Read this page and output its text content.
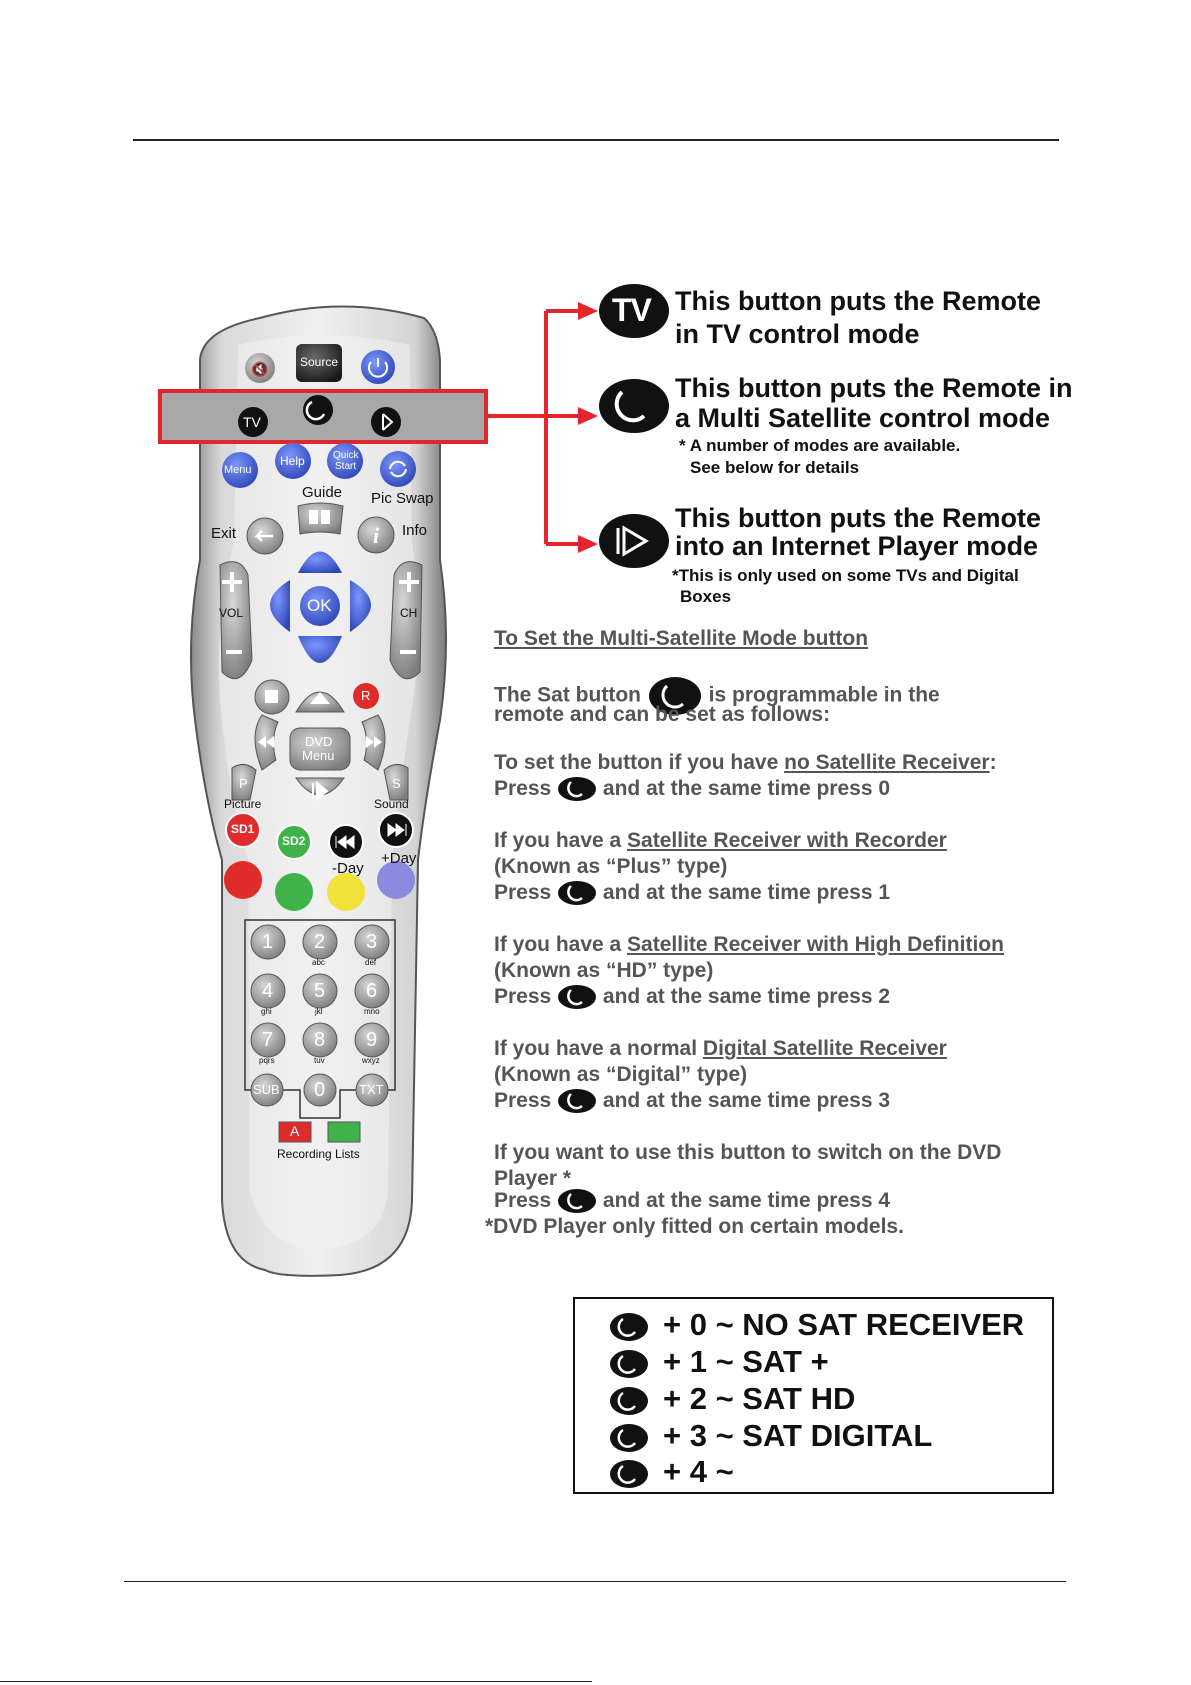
🔇
i
Source
TV
Menu
Help	Quick
Start
Guide Pic Swap
Exit	Info
OK
VOL	CH
R
DVD
Menu
P
Picture
S
Sound
SD1
SD2
-Day
+Day
1 2 3
4 5 6
7 8 9
abc	def
ghi	jkl	mno
pqrs	tuv	wxyz
SUB 0	TXT
A
Recording Lists
TV This button puts the Remote
in TV control mode
This button puts the Remote in
a Multi Satellite control mode
* A number of modes are available.
See below for details
This button puts the Remote
into an Internet Player mode
*This is only used on some TVs and Digital
Boxes
To Set the Multi-Satellite Mode button
The Sat button	is programmable in the
remote and can be set as follows:
To set the button if you have no Satellite Receiver:
Press and at the same time press 0
If you have a Satellite Receiver with Recorder
(Known as “Plus” type)
Press and at the same time press 1
If you have a Satellite Receiver with High Definition
(Known as “HD” type)
Press and at the same time press 2
If you have a normal Digital Satellite Receiver
(Known as “Digital” type)
Press and at the same time press 3
If you want to use this button to switch on the DVD
Player *
Press and at the same time press 4
*DVD Player only fitted on certain models.
+ 0 ~ NO SAT RECEIVER
+ 1 ~ SAT +
+ 2 ~ SAT HD
+ 3 ~ SAT DIGITAL
+ 4 ~
